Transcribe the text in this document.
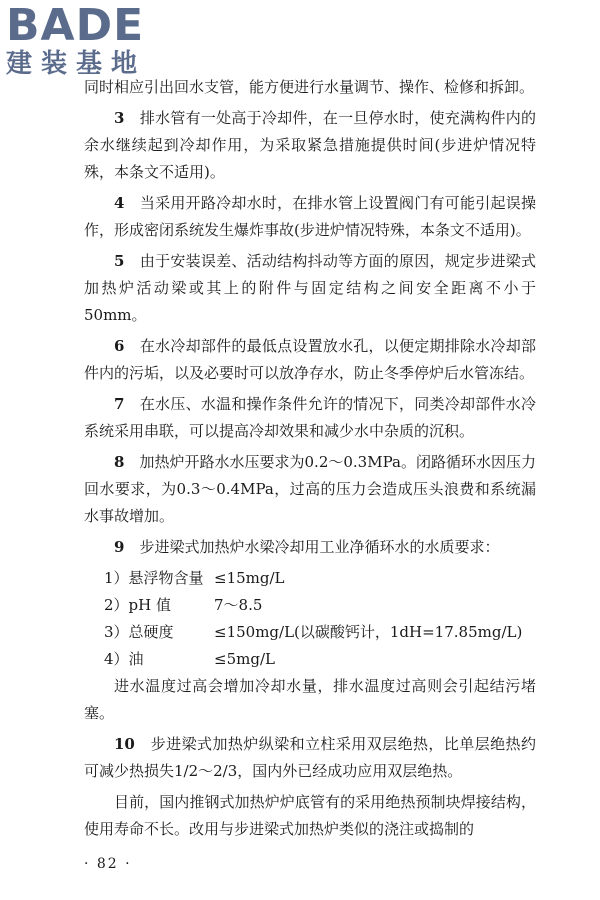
BADE
建装基地

同时相应引出回水支管，能方便进行水量调节、操作、检修和拆卸。

3　 排水管有一处高于冷却件，在一旦停水时，使充满构件内的余水继续起到冷却作用，为采取紧急措施提供时间(步进炉情况特殊，本条文不适用)。

4　 当采用开路冷却水时，在排水管上设置阀门有可能引起误操作，形成密闭系统发生爆炸事故(步进炉情况特殊，本条文不适用)。

5　 由于安装误差、活动结构抖动等方面的原因，规定步进梁式加热炉活动梁或其上的附件与固定结构之间安全距离不小于50mm。

6　 在水冷却部件的最低点设置放水孔，以便定期排除水冷却部件内的污垢，以及必要时可以放净存水，防止冬季停炉后水管冻结。

7　 在水压、水温和操作条件允许的情况下，同类冷却部件水冷系统采用串联，可以提高冷却效果和减少水中杂质的沉积。

8　 加热炉开路水水压要求为0.2～0.3MPa。闭路循环水因压力回水要求，为0.3～0.4MPa，过高的压力会造成压头浪费和系统漏水事故增加。

9　 步进梁式加热炉水梁冷却用工业净循环水的水质要求：

1）悬浮物含量 ≤15mg/L
2）pH 值	7～8.5
3）总硬度	≤150mg/L(以碳酸钙计，1dH=17.85mg/L)
4）油	≤5mg/L

进水温度过高会增加冷却水量，排水温度过高则会引起结污堵塞。

10　 步进梁式加热炉纵梁和立柱采用双层绝热，比单层绝热约可减少热损失1/2～2/3，国内外已经成功应用双层绝热。

目前，国内推钢式加热炉炉底管有的采用绝热预制块焊接结构，使用寿命不长。改用与步进梁式加热炉类似的浇注或捣制的

· 82 ·
